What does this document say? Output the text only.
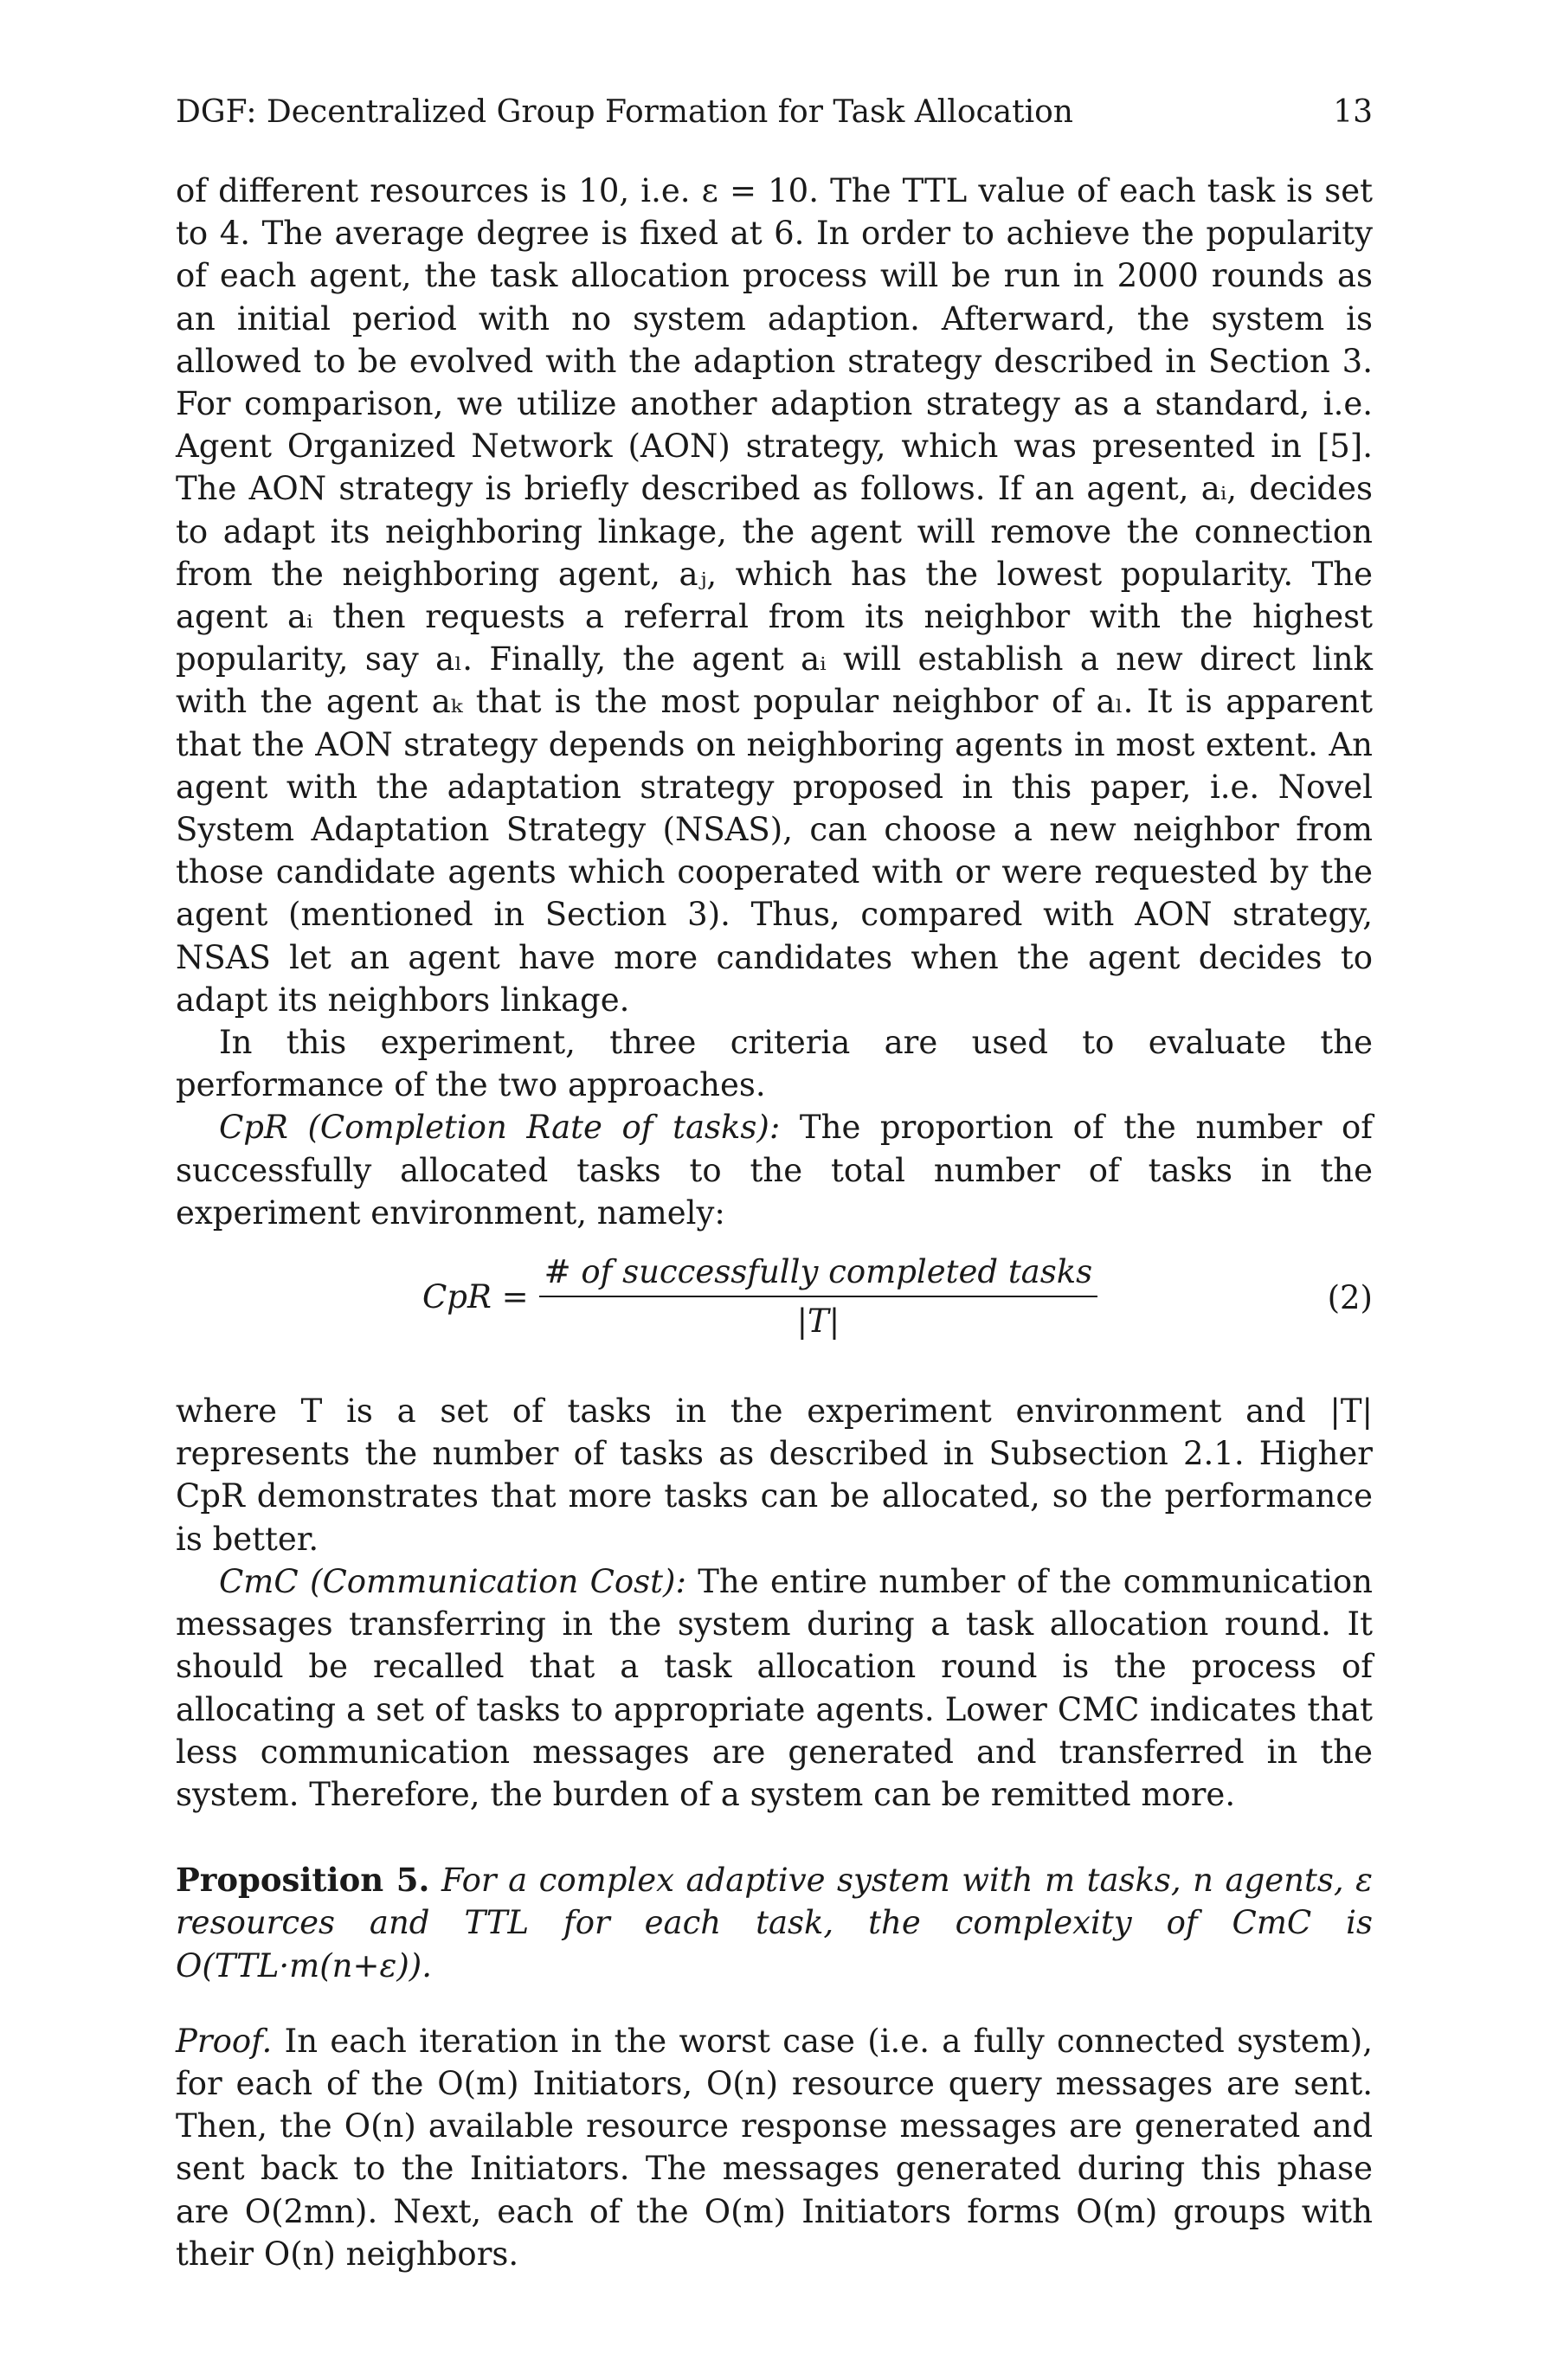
DGF: Decentralized Group Formation for Task Allocation	13

of different resources is 10, i.e. ε = 10. The TTL value of each task is set to 4. The average degree is fixed at 6. In order to achieve the popularity of each agent, the task allocation process will be run in 2000 rounds as an initial period with no system adaption. Afterward, the system is allowed to be evolved with the adaption strategy described in Section 3. For comparison, we utilize another adaption strategy as a standard, i.e. Agent Organized Network (AON) strategy, which was presented in [5]. The AON strategy is briefly described as follows. If an agent, aᵢ, decides to adapt its neighboring linkage, the agent will remove the connection from the neighboring agent, aⱼ, which has the lowest popularity. The agent aᵢ then requests a referral from its neighbor with the highest popularity, say aₗ. Finally, the agent aᵢ will establish a new direct link with the agent aₖ that is the most popular neighbor of aₗ. It is apparent that the AON strategy depends on neighboring agents in most extent. An agent with the adaptation strategy proposed in this paper, i.e. Novel System Adaptation Strategy (NSAS), can choose a new neighbor from those candidate agents which cooperated with or were requested by the agent (mentioned in Section 3). Thus, compared with AON strategy, NSAS let an agent have more candidates when the agent decides to adapt its neighbors linkage.

In this experiment, three criteria are used to evaluate the performance of the two approaches.

CpR (Completion Rate of tasks): The proportion of the number of successfully allocated tasks to the total number of tasks in the experiment environment, namely:

CpR = $\frac{\text{\# of successfully completed tasks}}{|T|}$	(2)

where T is a set of tasks in the experiment environment and |T| represents the number of tasks as described in Subsection 2.1. Higher CpR demonstrates that more tasks can be allocated, so the performance is better.

CmC (Communication Cost): The entire number of the communication messages transferring in the system during a task allocation round. It should be recalled that a task allocation round is the process of allocating a set of tasks to appropriate agents. Lower CMC indicates that less communication messages are generated and transferred in the system. Therefore, the burden of a system can be remitted more.

Proposition 5. For a complex adaptive system with m tasks, n agents, ε resources and TTL for each task, the complexity of CmC is O(TTL·m(n+ε)).

Proof. In each iteration in the worst case (i.e. a fully connected system), for each of the O(m) Initiators, O(n) resource query messages are sent. Then, the O(n) available resource response messages are generated and sent back to the Initiators. The messages generated during this phase are O(2mn). Next, each of the O(m) Initiators forms O(m) groups with their O(n) neighbors.
